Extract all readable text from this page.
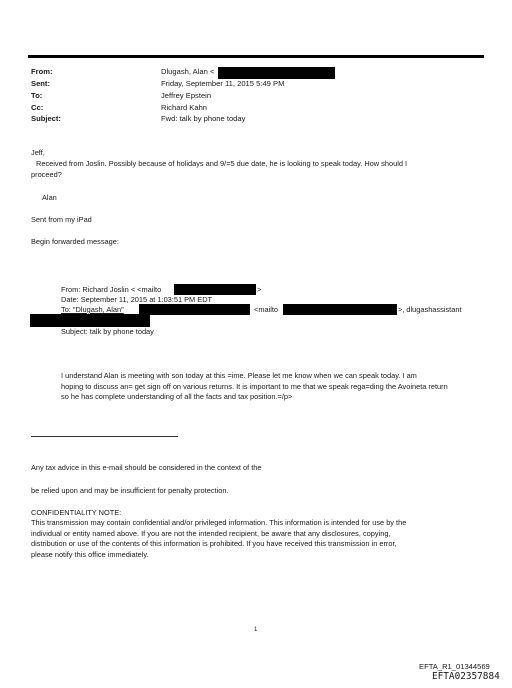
From:	Dlugash, Alan <
Sent:	Friday, September 11, 2015 5:49 PM
To:	Jeffrey Epstein
Cc:	Richard Kahn
Subject:	Fwd: talk by phone today
Jeff,
Received from Joslin. Possibly because of holidays and 9/=5 due date, he is looking to speak today. How should I
proceed?
Alan
Sent from my iPad
Begin forwarded message:
From: Richard Joslin < <mailto	>
Date: September 11, 2015 at 1:03:51 PM EDT
To: "Dlugash, Alan"	<mailto	>, dlugashassistant
Subject: talk by phone today
I understand Alan is meeting with son today at this =ime. Please let me know when we can speak today. I am
hoping to discuss an= get sign off on various returns. It is important to me that we speak rega=ding the Avoineta return
so he has complete understanding of all the facts and tax position.=/p>
Any tax advice in this e-mail should be considered in the context of the
be relied upon and may be insufficient for penalty protection.
CONFIDENTIALITY NOTE:
This transmission may contain confidential and/or privileged information. This information is intended for use by the
individual or entity named above. If you are not the intended recipient, be aware that any disclosures, copying,
distribution or use of the contents of this information is prohibited. If you have received this transmission in error,
please notify this office immediately.
1
EFTA_R1_01344569
EFTA02357884
